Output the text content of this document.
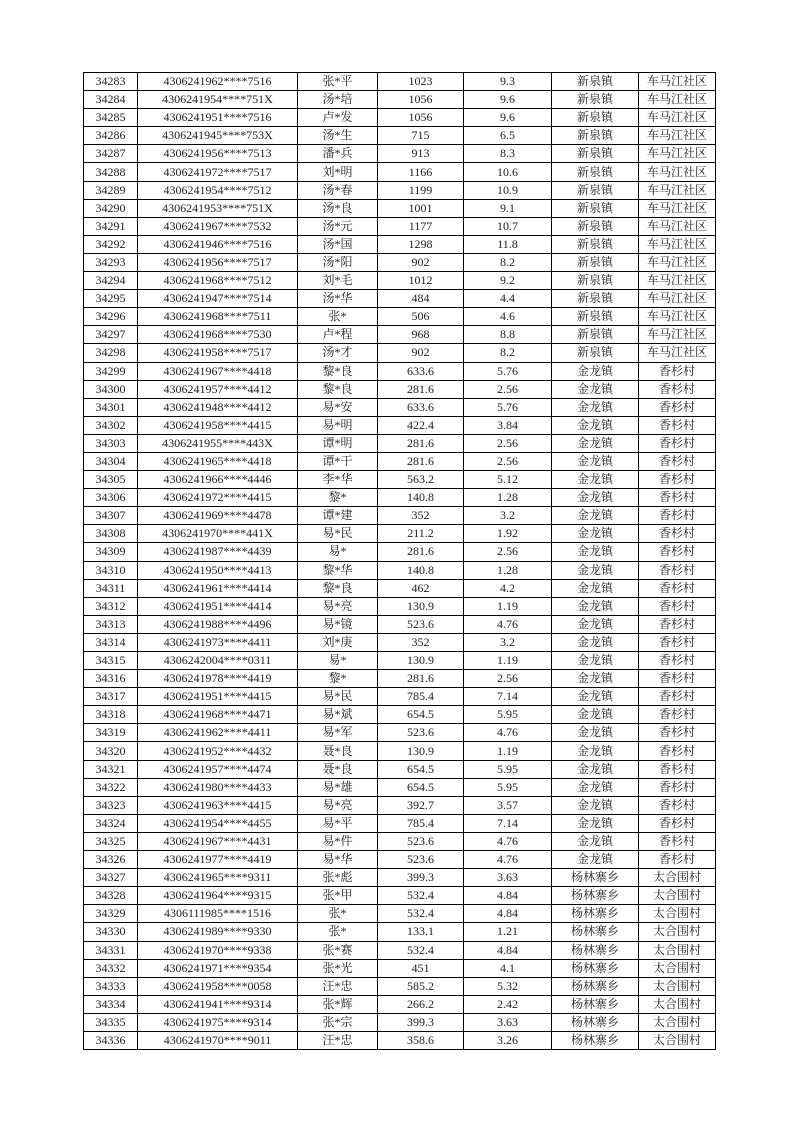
34283	4306241962****7516	张*平	1023	9.3	新泉镇	车马江社区
34284	4306241954****751X	汤*培	1056	9.6	新泉镇	车马江社区
34285	4306241951****7516	卢*发	1056	9.6	新泉镇	车马江社区
34286	4306241945****753X	汤*生	715	6.5	新泉镇	车马江社区
34287	4306241956****7513	潘*兵	913	8.3	新泉镇	车马江社区
34288	4306241972****7517	刘*明	1166	10.6	新泉镇	车马江社区
34289	4306241954****7512	汤*春	1199	10.9	新泉镇	车马江社区
34290	4306241953****751X	汤*良	1001	9.1	新泉镇	车马江社区
34291	4306241967****7532	汤*元	1177	10.7	新泉镇	车马江社区
34292	4306241946****7516	汤*国	1298	11.8	新泉镇	车马江社区
34293	4306241956****7517	汤*阳	902	8.2	新泉镇	车马江社区
34294	4306241968****7512	刘*毛	1012	9.2	新泉镇	车马江社区
34295	4306241947****7514	汤*华	484	4.4	新泉镇	车马江社区
34296	4306241968****7511	张*	506	4.6	新泉镇	车马江社区
34297	4306241968****7530	卢*程	968	8.8	新泉镇	车马江社区
34298	4306241958****7517	汤*才	902	8.2	新泉镇	车马江社区
34299	4306241967****4418	黎*良	633.6	5.76	金龙镇	香杉村
34300	4306241957****4412	黎*良	281.6	2.56	金龙镇	香杉村
34301	4306241948****4412	易*安	633.6	5.76	金龙镇	香杉村
34302	4306241958****4415	易*明	422.4	3.84	金龙镇	香杉村
34303	4306241955****443X	谭*明	281.6	2.56	金龙镇	香杉村
34304	4306241965****4418	谭*干	281.6	2.56	金龙镇	香杉村
34305	4306241966****4446	李*华	563.2	5.12	金龙镇	香杉村
34306	4306241972****4415	黎*	140.8	1.28	金龙镇	香杉村
34307	4306241969****4478	谭*建	352	3.2	金龙镇	香杉村
34308	4306241970****441X	易*民	211.2	1.92	金龙镇	香杉村
34309	4306241987****4439	易*	281.6	2.56	金龙镇	香杉村
34310	4306241950****4413	黎*华	140.8	1.28	金龙镇	香杉村
34311	4306241961****4414	黎*良	462	4.2	金龙镇	香杉村
34312	4306241951****4414	易*亮	130.9	1.19	金龙镇	香杉村
34313	4306241988****4496	易*镜	523.6	4.76	金龙镇	香杉村
34314	4306241973****4411	刘*庚	352	3.2	金龙镇	香杉村
34315	4306242004****0311	易*	130.9	1.19	金龙镇	香杉村
34316	4306241978****4419	黎*	281.6	2.56	金龙镇	香杉村
34317	4306241951****4415	易*民	785.4	7.14	金龙镇	香杉村
34318	4306241968****4471	易*斌	654.5	5.95	金龙镇	香杉村
34319	4306241962****4411	易*军	523.6	4.76	金龙镇	香杉村
34320	4306241952****4432	聂*良	130.9	1.19	金龙镇	香杉村
34321	4306241957****4474	聂*良	654.5	5.95	金龙镇	香杉村
34322	4306241980****4433	易*雄	654.5	5.95	金龙镇	香杉村
34323	4306241963****4415	易*亮	392.7	3.57	金龙镇	香杉村
34324	4306241954****4455	易*平	785.4	7.14	金龙镇	香杉村
34325	4306241967****4431	易*件	523.6	4.76	金龙镇	香杉村
34326	4306241977****4419	易*华	523.6	4.76	金龙镇	香杉村
34327	4306241965****9311	张*彪	399.3	3.63	杨林寨乡	太合围村
34328	4306241964****9315	张*甲	532.4	4.84	杨林寨乡	太合围村
34329	4306111985****1516	张*	532.4	4.84	杨林寨乡	太合围村
34330	4306241989****9330	张*	133.1	1.21	杨林寨乡	太合围村
34331	4306241970****9338	张*赛	532.4	4.84	杨林寨乡	太合围村
34332	4306241971****9354	张*光	451	4.1	杨林寨乡	太合围村
34333	4306241958****0058	汪*忠	585.2	5.32	杨林寨乡	太合围村
34334	4306241941****9314	张*辉	266.2	2.42	杨林寨乡	太合围村
34335	4306241975****9314	张*宗	399.3	3.63	杨林寨乡	太合围村
34336	4306241970****9011	汪*忠	358.6	3.26	杨林寨乡	太合围村
